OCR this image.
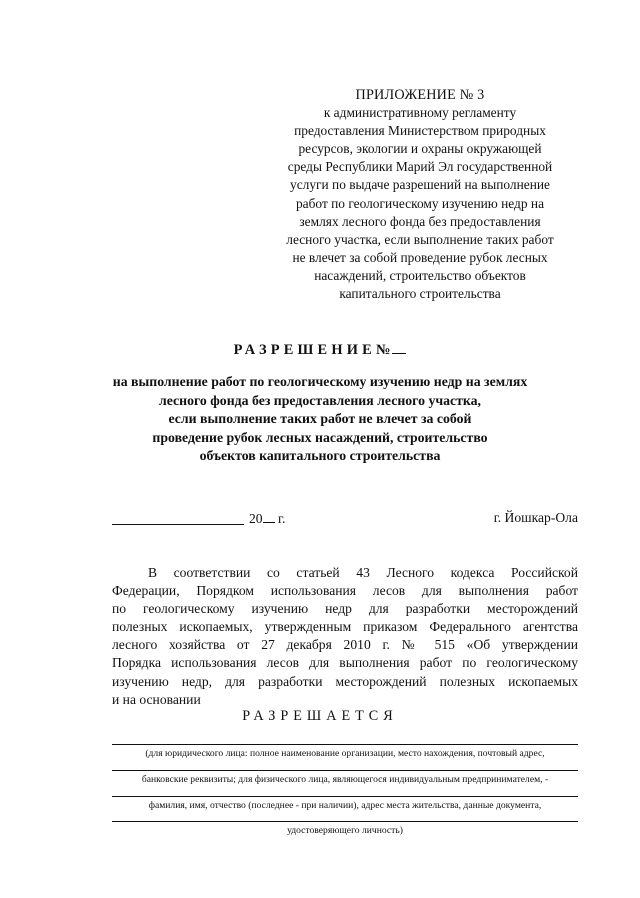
ПРИЛОЖЕНИЕ № 3
к административному регламенту
предоставления Министерством природных
ресурсов, экологии и охраны окружающей
среды Республики Марий Эл государственной
услуги по выдаче разрешений на выполнение
работ по геологическому изучению недр на
землях лесного фонда без предоставления
лесного участка, если выполнение таких работ
не влечет за собой проведение рубок лесных
насаждений, строительство объектов
капитального строительства
РАЗРЕШЕНИЕ№
на выполнение работ по геологическому изучению недр на землях
лесного фонда без предоставления лесного участка,
если выполнение таких работ не влечет за собой
проведение рубок лесных насаждений, строительство
объектов капитального строительства
20 г.	г. Йошкар-Ола
В соответствии со статьей 43 Лесного кодекса Российской
Федерации, Порядком использования лесов для выполнения работ
по геологическому изучению недр для разработки месторождений
полезных ископаемых, утвержденным приказом Федерального агентства
лесного хозяйства от 27 декабря 2010 г. № 515 «Об утверждении
Порядка использования лесов для выполнения работ по геологическому
изучению недр, для разработки месторождений полезных ископаемых
и на основании
РАЗРЕШАЕТСЯ
(для юридического лица: полное наименование организации, место нахождения, почтовый адрес,
банковские реквизиты; для физического лица, являющегося индивидуальным предпринимателем, -
фамилия, имя, отчество (последнее - при наличии), адрес места жительства, данные документа,
удостоверяющего личность)
